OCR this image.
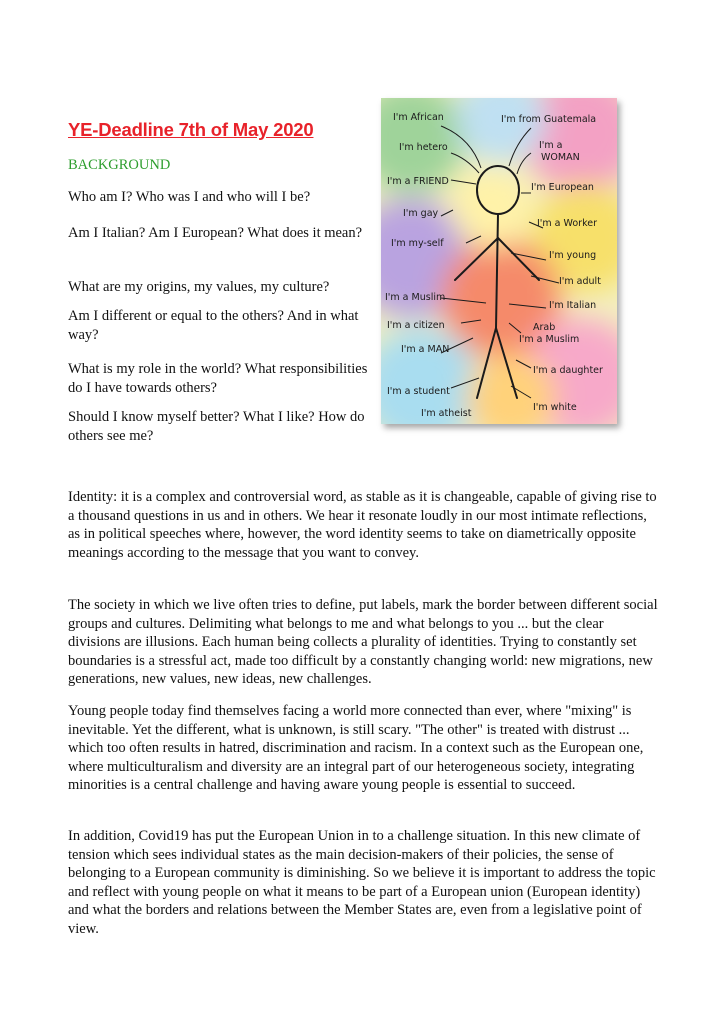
YE-Deadline 7th of May 2020

BACKGROUND

Who am I? Who was I and who will I be?

Am I Italian? Am I European? What does it mean?

What are my origins, my values, my culture?

Am I different or equal to the others? And in what way?

What is my role in the world? What responsibilities do I have towards others?

Should I know myself better? What I like? How do others see me?

I'm African	I'm from Guatemala
I'm hetero	I'm a
WOMAN
I'm a FRIEND
I'm European
I'm gay
I'm a Worker
I'm my-self
I'm young
I'm adult
I'm a Muslim
I'm Italian
I'm a citizen	Arab
I'm a Muslim
I'm a MAN
I'm a daughter
I'm a student
I'm white
I'm atheist

Identity: it is a complex and controversial word, as stable as it is changeable, capable of giving rise to a thousand questions in us and in others. We hear it resonate loudly in our most intimate reflections, as in political speeches where, however, the word identity seems to take on diametrically opposite meanings according to the message that you want to convey.

The society in which we live often tries to define, put labels, mark the border between different social groups and cultures. Delimiting what belongs to me and what belongs to you ... but the clear divisions are illusions. Each human being collects a plurality of identities. Trying to constantly set boundaries is a stressful act, made too difficult by a constantly changing world: new migrations, new generations, new values, new ideas, new challenges.

Young people today find themselves facing a world more connected than ever, where "mixing" is inevitable. Yet the different, what is unknown, is still scary. "The other" is treated with distrust ... which too often results in hatred, discrimination and racism. In a context such as the European one, where multiculturalism and diversity are an integral part of our heterogeneous society, integrating minorities is a central challenge and having aware young people is essential to succeed.

In addition, Covid19 has put the European Union in to a challenge situation. In this new climate of tension which sees individual states as the main decision-makers of their policies, the sense of belonging to a European community is diminishing. So we believe it is important to address the topic and reflect with young people on what it means to be part of a European union (European identity) and what the borders and relations between the Member States are, even from a legislative point of view.
